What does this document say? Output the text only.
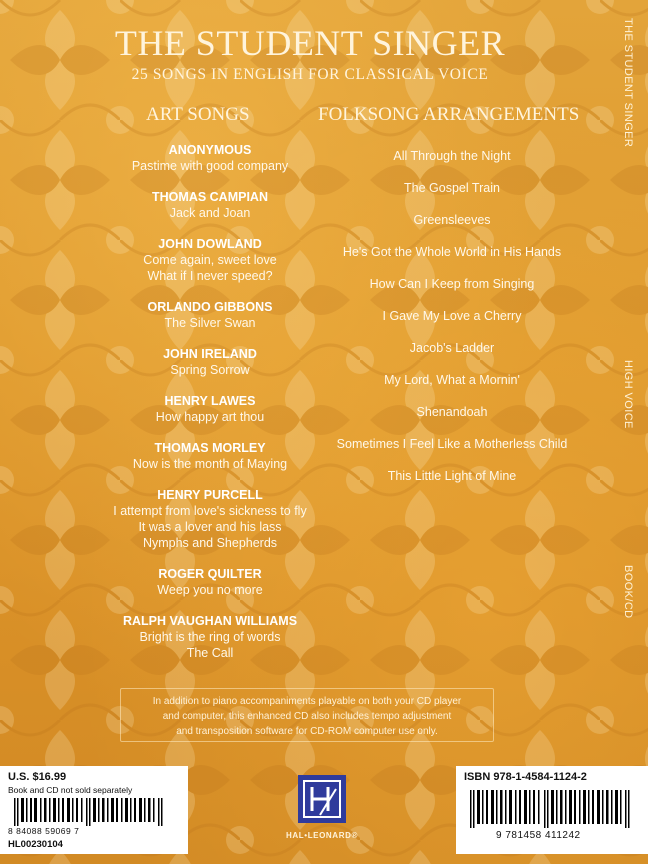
THE STUDENT SINGER
25 SONGS IN ENGLISH FOR CLASSICAL VOICE	THE STUDENT SINGER
HIGH VOICE
BOOK/CD
ART SONGS	FOLKSONG ARRANGEMENTS
ANONYMOUS
Pastime with good company
THOMAS CAMPIAN
Jack and Joan
JOHN DOWLAND
Come again, sweet love
What if I never speed?
ORLANDO GIBBONS
The Silver Swan
JOHN IRELAND
Spring Sorrow
HENRY LAWES
How happy art thou
THOMAS MORLEY
Now is the month of Maying
HENRY PURCELL
I attempt from love's sickness to fly
It was a lover and his lass
Nymphs and Shepherds
ROGER QUILTER
Weep you no more
RALPH VAUGHAN WILLIAMS
Bright is the ring of words
The Call
All Through the Night
The Gospel Train
Greensleeves
He's Got the Whole World in His Hands
How Can I Keep from Singing
I Gave My Love a Cherry
Jacob's Ladder
My Lord, What a Mornin'
Shenandoah
Sometimes I Feel Like a Motherless Child
This Little Light of Mine
In addition to piano accompaniments playable on both your CD player
and computer, this enhanced CD also includes tempo adjustment
and transposition software for CD-ROM computer use only.
U.S. $16.99
Book and CD not sold separately
8 84088 59069 7
HL00230104
HAL•LEONARD®
ISBN 978-1-4584-1124-2
9 781458 411242
